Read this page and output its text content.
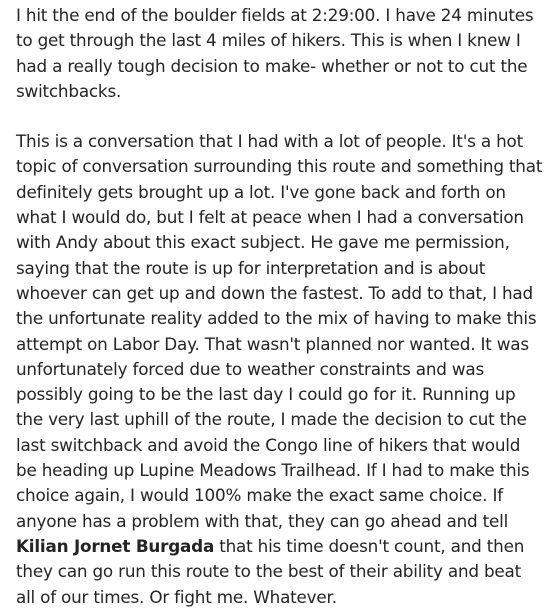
I hit the end of the boulder fields at 2:29:00. I have 24 minutes to get through the last 4 miles of hikers. This is when I knew I had a really tough decision to make- whether or not to cut the switchbacks.

This is a conversation that I had with a lot of people. It's a hot topic of conversation surrounding this route and something that definitely gets brought up a lot. I've gone back and forth on what I would do, but I felt at peace when I had a conversation with Andy about this exact subject. He gave me permission, saying that the route is up for interpretation and is about whoever can get up and down the fastest. To add to that, I had the unfortunate reality added to the mix of having to make this attempt on Labor Day. That wasn't planned nor wanted. It was unfortunately forced due to weather constraints and was possibly going to be the last day I could go for it. Running up the very last uphill of the route, I made the decision to cut the last switchback and avoid the Congo line of hikers that would be heading up Lupine Meadows Trailhead. If I had to make this choice again, I would 100% make the exact same choice. If anyone has a problem with that, they can go ahead and tell Kilian Jornet Burgada that his time doesn't count, and then they can go run this route to the best of their ability and beat all of our times. Or fight me. Whatever.
